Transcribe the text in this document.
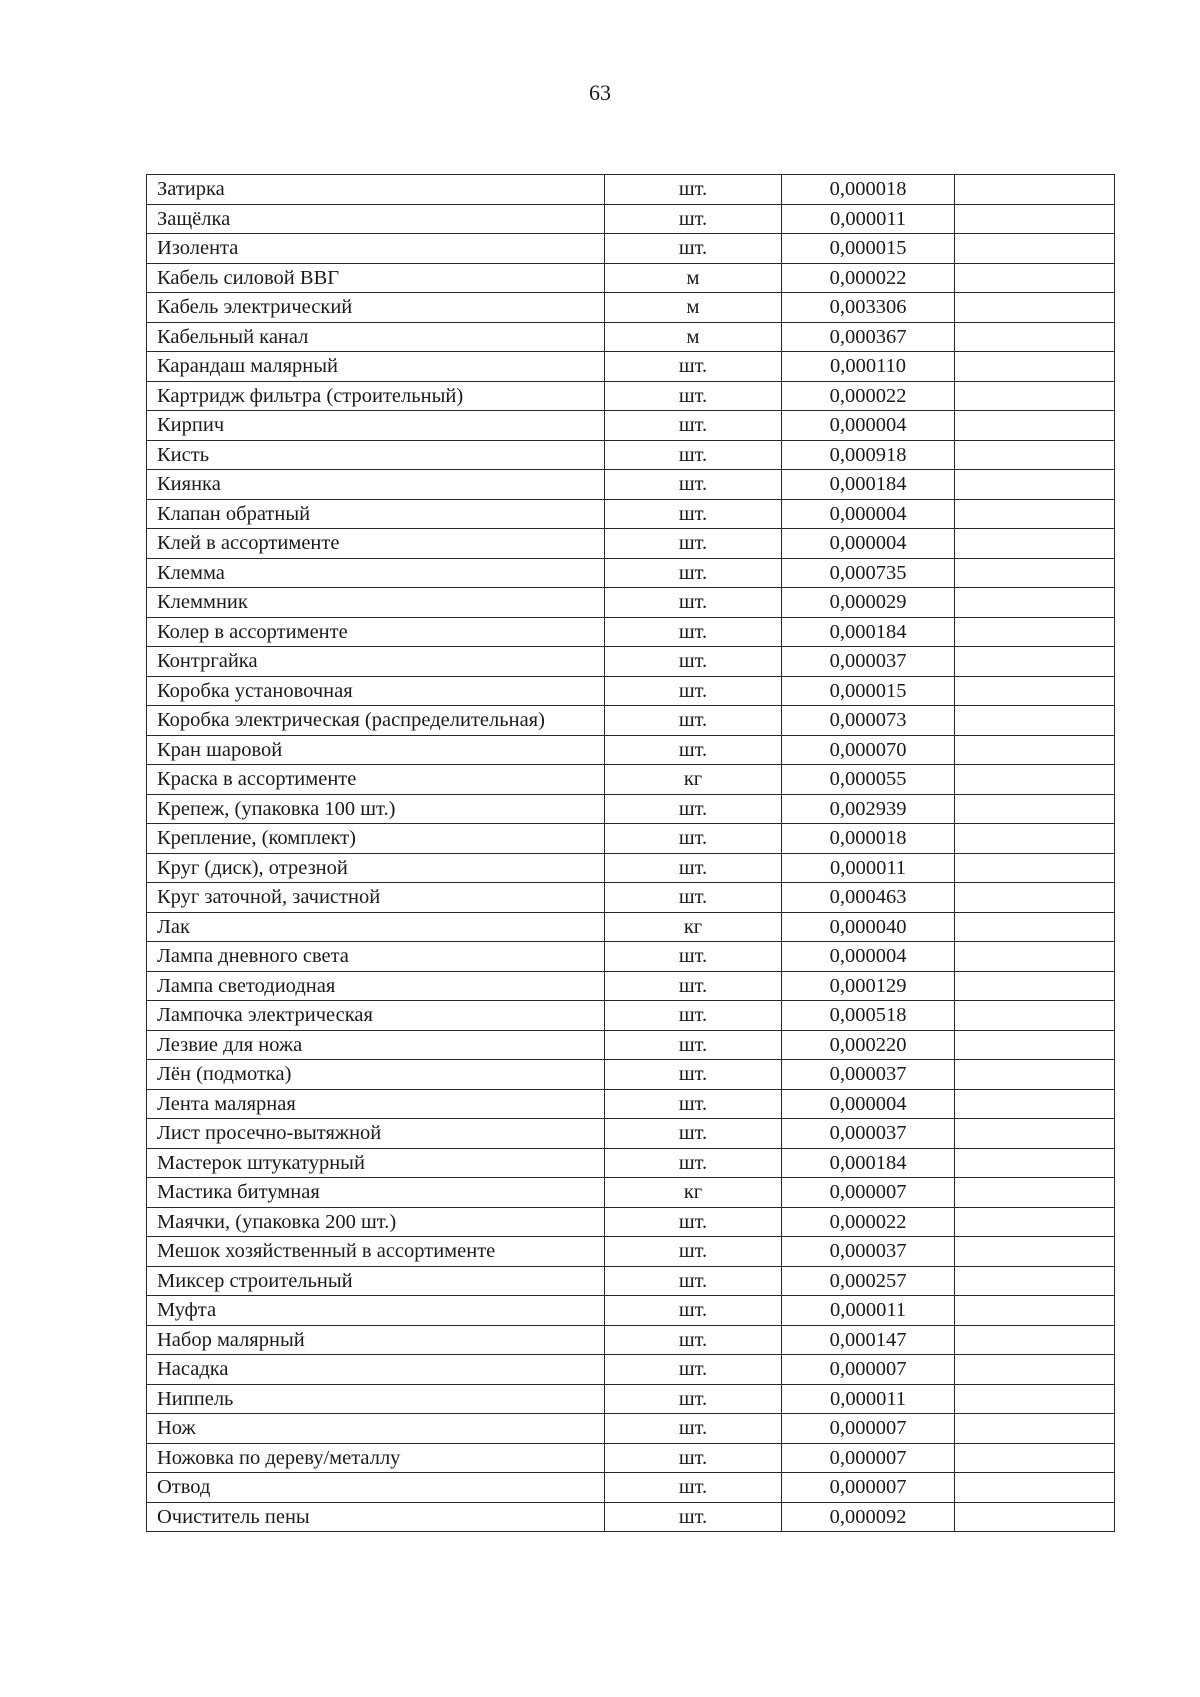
63
Затирка	шт.	0,000018	
Защёлка	шт.	0,000011	
Изолента	шт.	0,000015	
Кабель силовой ВВГ	м	0,000022	
Кабель электрический	м	0,003306	
Кабельный канал	м	0,000367	
Карандаш малярный	шт.	0,000110	
Картридж фильтра (строительный)	шт.	0,000022	
Кирпич	шт.	0,000004	
Кисть	шт.	0,000918	
Киянка	шт.	0,000184	
Клапан обратный	шт.	0,000004	
Клей в ассортименте	шт.	0,000004	
Клемма	шт.	0,000735	
Клеммник	шт.	0,000029	
Колер в ассортименте	шт.	0,000184	
Контргайка	шт.	0,000037	
Коробка установочная	шт.	0,000015	
Коробка электрическая (распределительная)	шт.	0,000073	
Кран шаровой	шт.	0,000070	
Краска в ассортименте	кг	0,000055	
Крепеж, (упаковка 100 шт.)	шт.	0,002939	
Крепление, (комплект)	шт.	0,000018	
Круг (диск), отрезной	шт.	0,000011	
Круг заточной, зачистной	шт.	0,000463	
Лак	кг	0,000040	
Лампа дневного света	шт.	0,000004	
Лампа светодиодная	шт.	0,000129	
Лампочка электрическая	шт.	0,000518	
Лезвие для ножа	шт.	0,000220	
Лён (подмотка)	шт.	0,000037	
Лента малярная	шт.	0,000004	
Лист просечно-вытяжной	шт.	0,000037	
Мастерок штукатурный	шт.	0,000184	
Мастика битумная	кг	0,000007	
Маячки, (упаковка 200 шт.)	шт.	0,000022	
Мешок хозяйственный в ассортименте	шт.	0,000037	
Миксер строительный	шт.	0,000257	
Муфта	шт.	0,000011	
Набор малярный	шт.	0,000147	
Насадка	шт.	0,000007	
Ниппель	шт.	0,000011	
Нож	шт.	0,000007	
Ножовка по дереву/металлу	шт.	0,000007	
Отвод	шт.	0,000007	
Очиститель пены	шт.	0,000092	
